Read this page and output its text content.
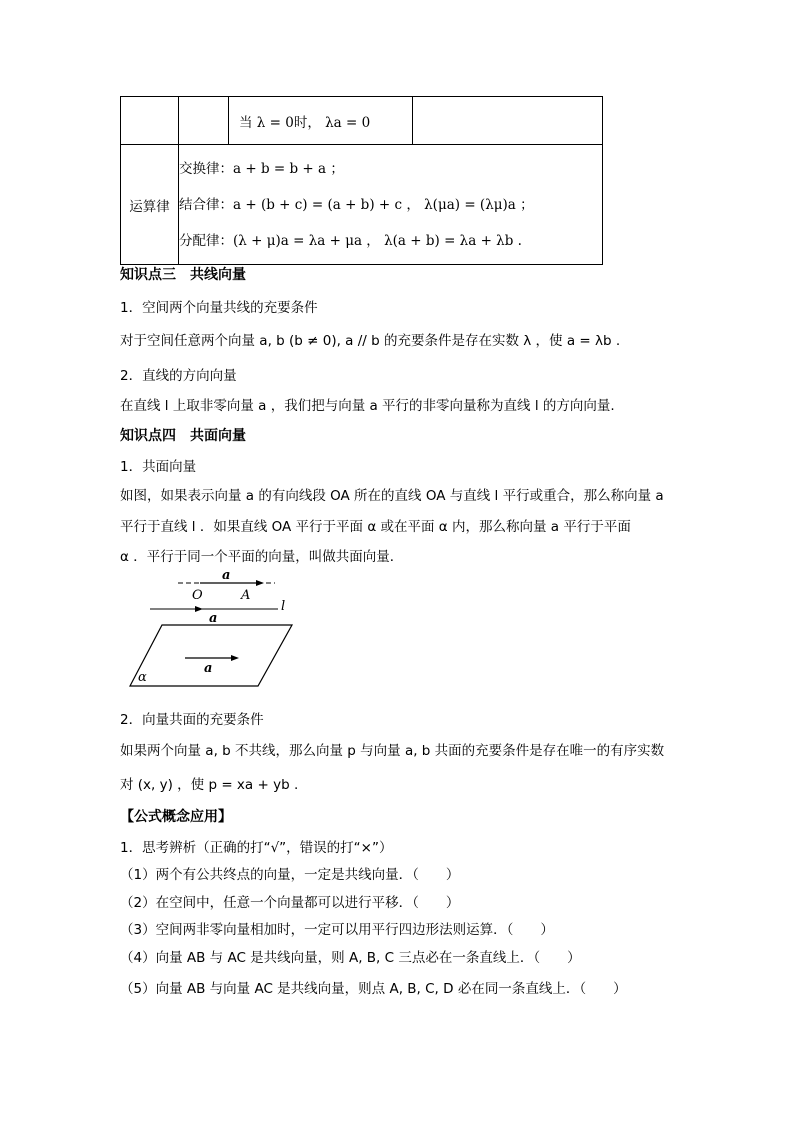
		当 λ = 0时， λa = 0	

运算律	交换律：a + b = b + a ；
结合律：a + (b + c) = (a + b) + c ， λ(μa) = (λμ)a ；
分配律：(λ + μ)a = λa + μa ， λ(a + b) = λa + λb .		
知识点三　共线向量
1．空间两个向量共线的充要条件
对于空间任意两个向量 a, b (b ≠ 0), a // b 的充要条件是存在实数 λ ，使 a = λb .
2．直线的方向向量
在直线 l 上取非零向量 a ，我们把与向量 a 平行的非零向量称为直线 l 的方向向量.
知识点四　共面向量
1．共面向量
如图，如果表示向量 a 的有向线段 OA 所在的直线 OA 与直线 l 平行或重合，那么称向量 a
平行于直线 l ．如果直线 OA 平行于平面 α 或在平面 α 内，那么称向量 a 平行于平面
α ．平行于同一个平面的向量，叫做共面向量．
a
O	A
l
a
a
α
2．向量共面的充要条件
如果两个向量 a, b 不共线，那么向量 p 与向量 a, b 共面的充要条件是存在唯一的有序实数
对 (x, y) ，使 p = xa + yb .
【公式概念应用】
1．思考辨析（正确的打“√”，错误的打“×”）
（1）两个有公共终点的向量，一定是共线向量．（　　）
（2）在空间中，任意一个向量都可以进行平移．（　　）
（3）空间两非零向量相加时，一定可以用平行四边形法则运算．（　　）
（4）向量 AB 与 AC 是共线向量，则 A, B, C 三点必在一条直线上．（　　）
（5）向量 AB 与向量 AC 是共线向量，则点 A, B, C, D 必在同一条直线上．（　　）
